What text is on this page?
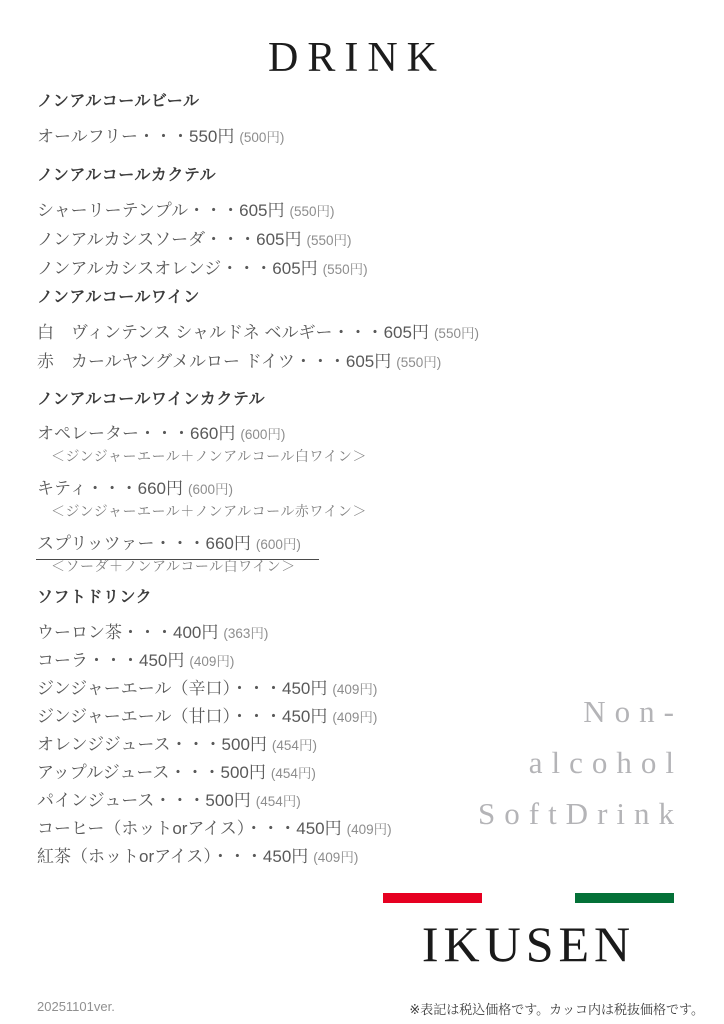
DRINK
ノンアルコールビール
オールフリー・・・550円 (500円)
ノンアルコールカクテル
シャーリーテンプル・・・605円 (550円)
ノンアルカシスソーダ・・・605円 (550円)
ノンアルカシスオレンジ・・・605円 (550円)
ノンアルコールワイン
白　ヴィンテンス シャルドネ ベルギー・・・605円 (550円)
赤　カールヤングメルロー ドイツ・・・605円 (550円)
ノンアルコールワインカクテル
オペレーター・・・660円 (600円)
＜ジンジャーエール＋ノンアルコール白ワイン＞
キティ・・・660円 (600円)
＜ジンジャーエール＋ノンアルコール赤ワイン＞
スプリッツァー・・・660円 (600円)
＜ソーダ＋ノンアルコール白ワイン＞
ソフトドリンク
ウーロン茶・・・400円 (363円)
コーラ・・・450円 (409円)
ジンジャーエール（辛口）・・・450円 (409円)
ジンジャーエール（甘口）・・・450円 (409円)
オレンジジュース・・・500円 (454円)
アップルジュース・・・500円 (454円)
パインジュース・・・500円 (454円)
コーヒー（ホットorアイス）・・・450円 (409円)
紅茶（ホットorアイス）・・・450円 (409円)
Non-
alcohol
SoftDrink
IKUSEN
20251101ver.	※表記は税込価格です。カッコ内は税抜価格です。
